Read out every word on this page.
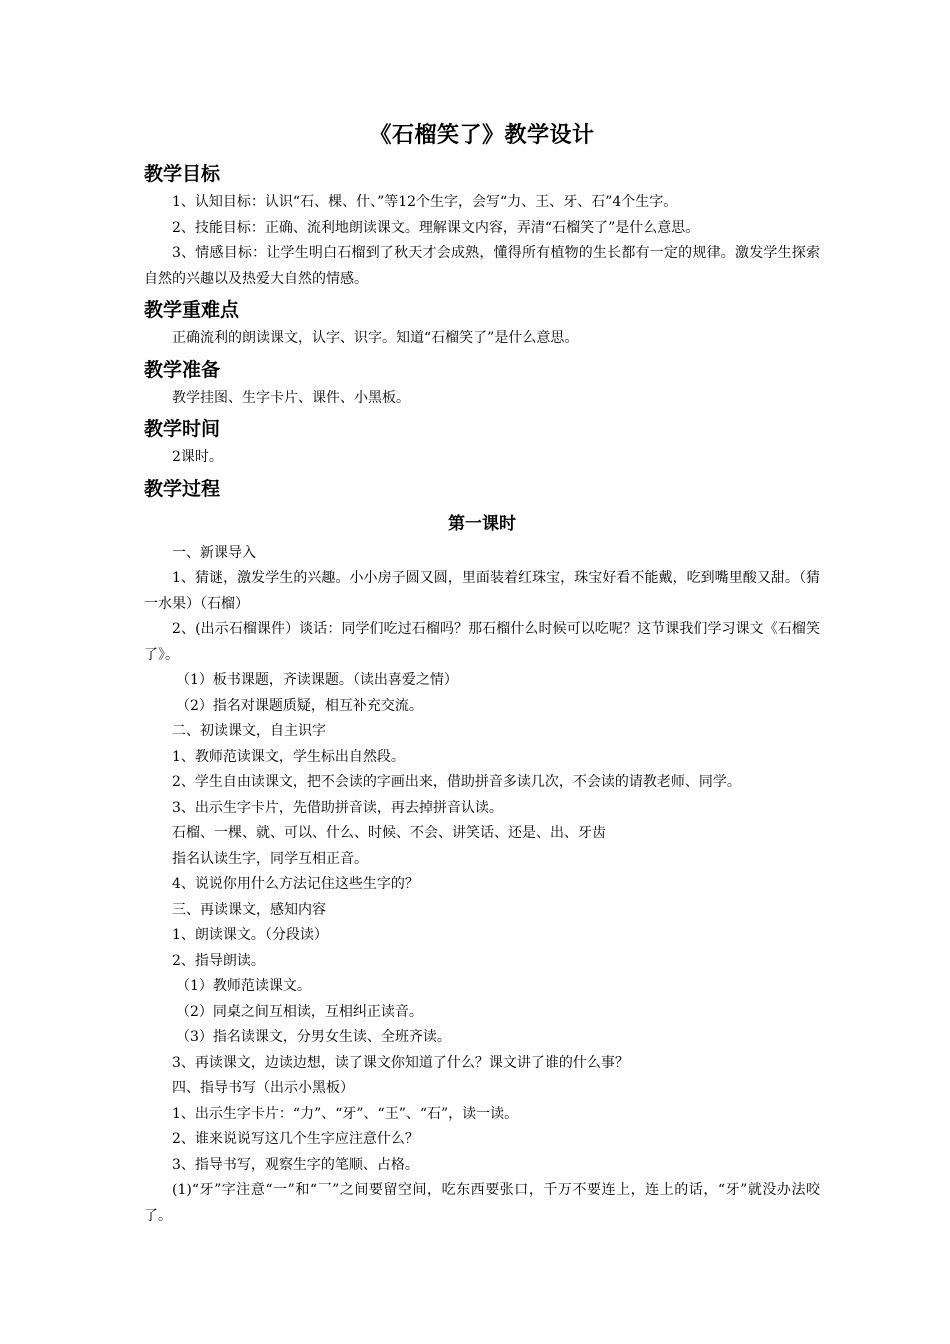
《石榴笑了》教学设计
教学目标

1、认知目标：认识“石、棵、什、”等12个生字，会写“力、王、牙、石”4个生字。

2、技能目标：正确、流利地朗读课文。理解课文内容，弄清“石榴笑了”是什么意思。

3、情感目标：让学生明白石榴到了秋天才会成熟，懂得所有植物的生长都有一定的规律。激发学生探索自然的兴趣以及热爱大自然的情感。

教学重难点

正确流利的朗读课文，认字、识字。知道“石榴笑了”是什么意思。

教学准备

教学挂图、生字卡片、课件、小黑板。

教学时间

2课时。

教学过程
第一课时

一、新课导入

1、猜谜，激发学生的兴趣。小小房子圆又圆，里面装着红珠宝，珠宝好看不能戴，吃到嘴里酸又甜。（猜一水果）（石榴）

2、(出示石榴课件）谈话：同学们吃过石榴吗？那石榴什么时候可以吃呢？这节课我们学习课文《石榴笑了》。

（1）板书课题，齐读课题。（读出喜爱之情）

（2）指名对课题质疑，相互补充交流。

二、初读课文，自主识字

1、教师范读课文，学生标出自然段。

2、学生自由读课文，把不会读的字画出来，借助拼音多读几次，不会读的请教老师、同学。

3、出示生字卡片，先借助拼音读，再去掉拼音认读。

石榴、一棵、就、可以、什么、时候、不会、讲笑话、还是、出、牙齿

指名认读生字，同学互相正音。

4、说说你用什么方法记住这些生字的？

三、再读课文，感知内容

1、朗读课文。（分段读）

2、指导朗读。

（1）教师范读课文。

（2）同桌之间互相读，互相纠正读音。

（3）指名读课文，分男女生读、全班齐读。

3、再读课文，边读边想，读了课文你知道了什么？课文讲了谁的什么事？

四、指导书写（出示小黑板）

1、出示生字卡片：“力”、“牙”、“王”、“石”，读一读。

2、谁来说说写这几个生字应注意什么？

3、指导书写，观察生字的笔顺、占格。

(1)“牙”字注意“一”和“乛”之间要留空间，吃东西要张口，千万不要连上，连上的话，“牙”就没办法咬了。
